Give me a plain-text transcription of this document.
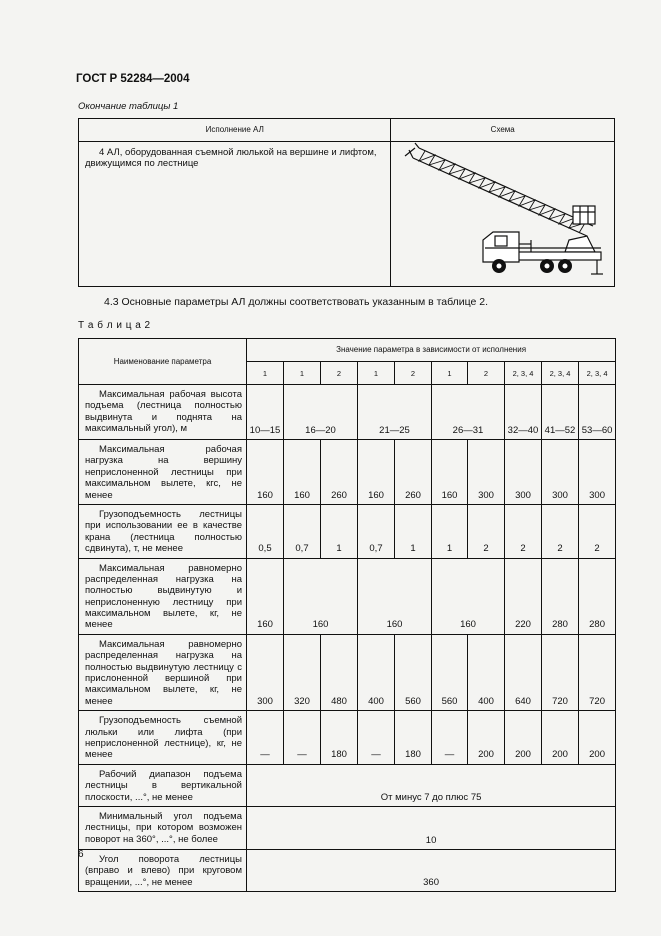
ГОСТ Р 52284—2004
Окончание таблицы 1
Исполнение АЛ	Схема

4 АЛ, оборудованная съемной люлькой на вершине и лифтом, движущимся по лестнице	

4.3 Основные параметры АЛ должны соответствовать указанным в таблице 2.
Т а б л и ц а 2
Наименование параметра	Значение параметра в зависимости от исполнения									
	1	1	2	1	2	1	2	2, 3, 4	2, 3, 4	2, 3, 4
Максимальная рабочая высота подъема (лестница полностью выдвинута и поднята на максимальный угол), м	10—15	16—20		21—25		26—31		32—40	41—52	53—60
Максимальная рабочая нагрузка на вершину неприслоненной лестницы при максимальном вылете, кгс, не менее	160	160	260	160	260	160	300	300	300	300
Грузоподъемность лестницы при использовании ее в качестве крана (лестница полностью сдвинута), т, не менее	0,5	0,7	1	0,7	1	1	2	2	2	2
Максимальная равномерно распределенная нагрузка на полностью выдвинутую и неприслоненную лестницу при максимальном вылете, кг, не менее	160	160		160		160		220	280	280
Максимальная равномерно распределенная нагрузка на полностью выдвинутую лестницу с прислоненной вершиной при максимальном вылете, кг, не менее	300	320	480	400	560	560	400	640	720	720
Грузоподъемность съемной люльки или лифта (при неприслоненной лестнице), кг, не менее	—	—	180	—	180	—	200	200	200	200
Рабочий диапазон подъема лестницы в вертикальной плоскости, ...°, не менее	От минус 7 до плюс 75									
Минимальный угол подъема лестницы, при котором возможен поворот на 360°, ...°, не более	10									
Угол поворота лестницы (вправо и влево) при круговом вращении, ...°, не менее	360									
6
